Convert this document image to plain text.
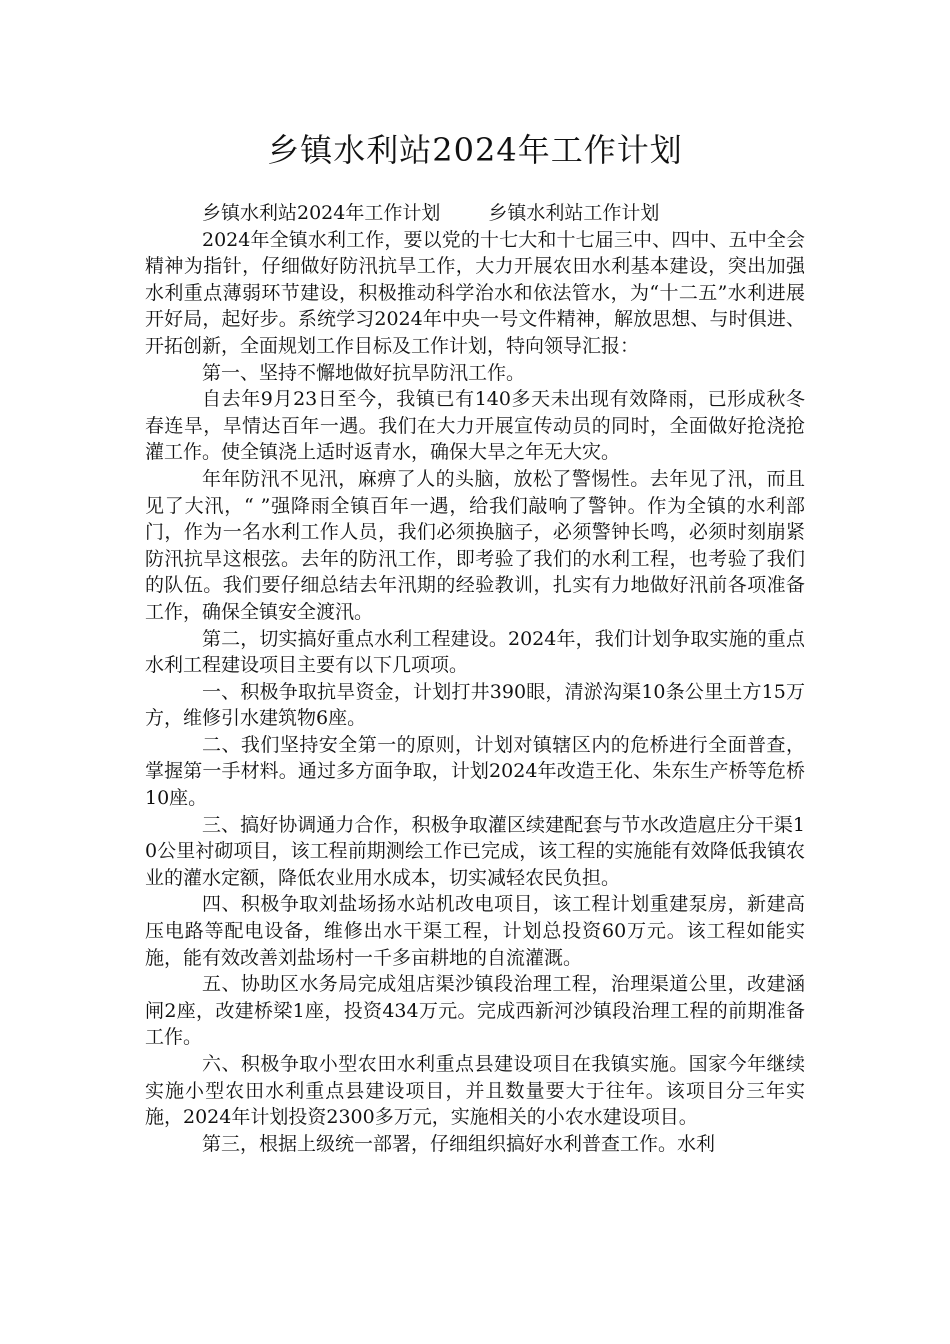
乡镇水利站2024年工作计划

乡镇水利站2024年工作计划	乡镇水利站工作计划

2024年全镇水利工作，要以党的十七大和十七届三中、四中、五中全会精神为指针，仔细做好防汛抗旱工作，大力开展农田水利基本建设，突出加强水利重点薄弱环节建设，积极推动科学治水和依法管水，为“十二五”水利进展开好局，起好步。系统学习2024年中央一号文件精神，解放思想、与时俱进、开拓创新，全面规划工作目标及工作计划，特向领导汇报：

第一、坚持不懈地做好抗旱防汛工作。

自去年9月23日至今，我镇已有140多天未出现有效降雨，已形成秋冬春连旱，旱情达百年一遇。我们在大力开展宣传动员的同时，全面做好抢浇抢灌工作。使全镇浇上适时返青水，确保大旱之年无大灾。

年年防汛不见汛，麻痹了人的头脑，放松了警惕性。去年见了汛，而且见了大汛，“ ”强降雨全镇百年一遇，给我们敲响了警钟。作为全镇的水利部门，作为一名水利工作人员，我们必须换脑子，必须警钟长鸣，必须时刻崩紧防汛抗旱这根弦。去年的防汛工作，即考验了我们的水利工程，也考验了我们的队伍。我们要仔细总结去年汛期的经验教训，扎实有力地做好汛前各项准备工作，确保全镇安全渡汛。

第二，切实搞好重点水利工程建设。2024年，我们计划争取实施的重点水利工程建设项目主要有以下几项项。

一、积极争取抗旱资金，计划打井390眼，清淤沟渠10条公里土方15万方，维修引水建筑物6座。

二、我们坚持安全第一的原则，计划对镇辖区内的危桥进行全面普查，掌握第一手材料。通过多方面争取，计划2024年改造王化、朱东生产桥等危桥10座。

三、搞好协调通力合作，积极争取灌区续建配套与节水改造扈庄分干渠10公里衬砌项目，该工程前期测绘工作已完成，该工程的实施能有效降低我镇农业的灌水定额，降低农业用水成本，切实减轻农民负担。

四、积极争取刘盐场扬水站机改电项目，该工程计划重建泵房，新建高压电路等配电设备，维修出水干渠工程，计划总投资60万元。该工程如能实施，能有效改善刘盐场村一千多亩耕地的自流灌溉。

五、协助区水务局完成俎店渠沙镇段治理工程，治理渠道公里，改建涵闸2座，改建桥梁1座，投资434万元。完成西新河沙镇段治理工程的前期准备工作。

六、积极争取小型农田水利重点县建设项目在我镇实施。国家今年继续实施小型农田水利重点县建设项目，并且数量要大于往年。该项目分三年实施，2024年计划投资2300多万元，实施相关的小农水建设项目。

第三，根据上级统一部署，仔细组织搞好水利普查工作。水利
